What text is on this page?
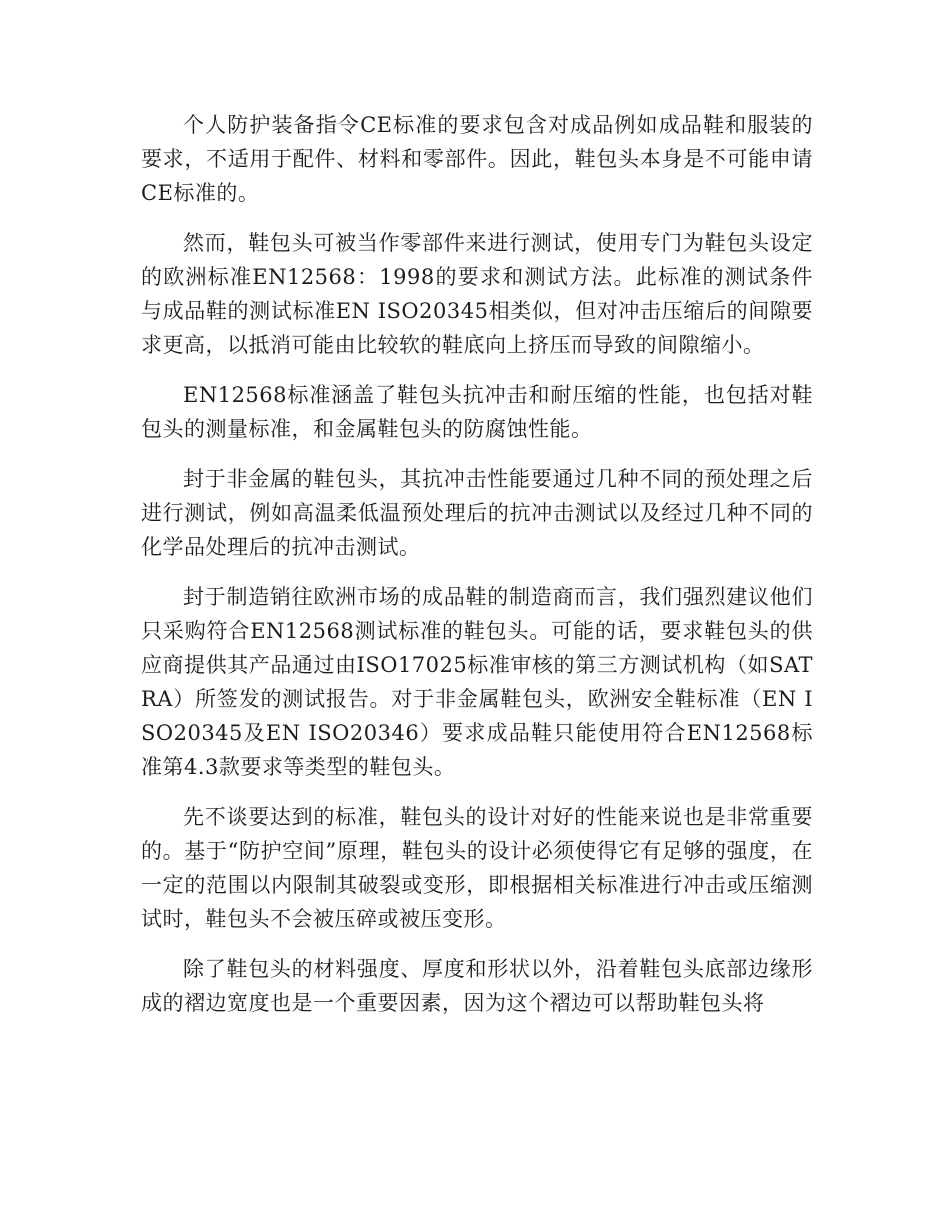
个人防护装备指令CE标准的要求包含对成品例如成品鞋和服装的要求，不适用于配件、材料和零部件。因此，鞋包头本身是不可能申请CE标准的。

然而，鞋包头可被当作零部件来进行测试，使用专门为鞋包头设定的欧洲标准EN12568：1998的要求和测试方法。此标准的测试条件与成品鞋的测试标准EN ISO20345相类似，但对冲击压缩后的间隙要求更高，以抵消可能由比较软的鞋底向上挤压而导致的间隙缩小。

EN12568标准涵盖了鞋包头抗冲击和耐压缩的性能，也包括对鞋包头的测量标准，和金属鞋包头的防腐蚀性能。

封于非金属的鞋包头，其抗冲击性能要通过几种不同的预处理之后进行测试，例如高温柔低温预处理后的抗冲击测试以及经过几种不同的化学品处理后的抗冲击测试。

封于制造销往欧洲市场的成品鞋的制造商而言，我们强烈建议他们只采购符合EN12568测试标准的鞋包头。可能的话，要求鞋包头的供应商提供其产品通过由ISO17025标准审核的第三方测试机构（如SATRA）所签发的测试报告。对于非金属鞋包头，欧洲安全鞋标准（EN ISO20345及EN ISO20346）要求成品鞋只能使用符合EN12568标准第4.3款要求等类型的鞋包头。

先不谈要达到的标准，鞋包头的设计对好的性能来说也是非常重要的。基于“防护空间”原理，鞋包头的设计必须使得它有足够的强度，在一定的范围以内限制其破裂或变形，即根据相关标准进行冲击或压缩测试时，鞋包头不会被压碎或被压变形。

除了鞋包头的材料强度、厚度和形状以外，沿着鞋包头底部边缘形成的褶边宽度也是一个重要因素，因为这个褶边可以帮助鞋包头将
